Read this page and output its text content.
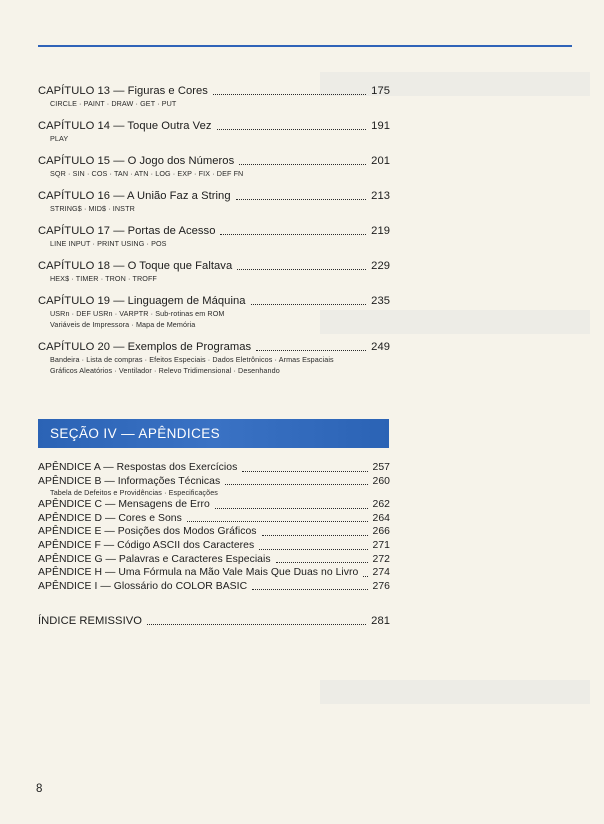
CAPÍTULO 13 — Figuras e Cores	175
CIRCLE · PAINT · DRAW · GET · PUT
CAPÍTULO 14 — Toque Outra Vez	191
PLAY
CAPÍTULO 15 — O Jogo dos Números	201
SQR · SIN · COS · TAN · ATN · LOG · EXP · FIX · DEF FN
CAPÍTULO 16 — A União Faz a String	213
STRING$ · MID$ · INSTR
CAPÍTULO 17 — Portas de Acesso	219
LINE INPUT · PRINT USING · POS
CAPÍTULO 18 — O Toque que Faltava	229
HEX$ · TIMER · TRON · TROFF
CAPÍTULO 19 — Linguagem de Máquina	235
USRn · DEF USRn · VARPTR · Sub-rotinas em ROM
Variáveis de Impressora · Mapa de Memória
CAPÍTULO 20 — Exemplos de Programas	249
Bandeira · Lista de compras · Efeitos Especiais · Dados Eletrônicos · Armas Espaciais
Gráficos Aleatórios · Ventilador · Relevo Tridimensional · Desenhando
SEÇÃO IV — APÊNDICES
APÊNDICE A — Respostas dos Exercícios	257
APÊNDICE B — Informações Técnicas	260
Tabela de Defeitos e Providências · Especificações
APÊNDICE C — Mensagens de Erro	262
APÊNDICE D — Cores e Sons	264
APÊNDICE E — Posições dos Modos Gráficos	266
APÊNDICE F — Código ASCII dos Caracteres	271
APÊNDICE G — Palavras e Caracteres Especiais	272
APÊNDICE H — Uma Fórmula na Mão Vale Mais Que Duas no Livro 274
APÊNDICE I — Glossário do COLOR BASIC	276
ÍNDICE REMISSIVO	281
8
